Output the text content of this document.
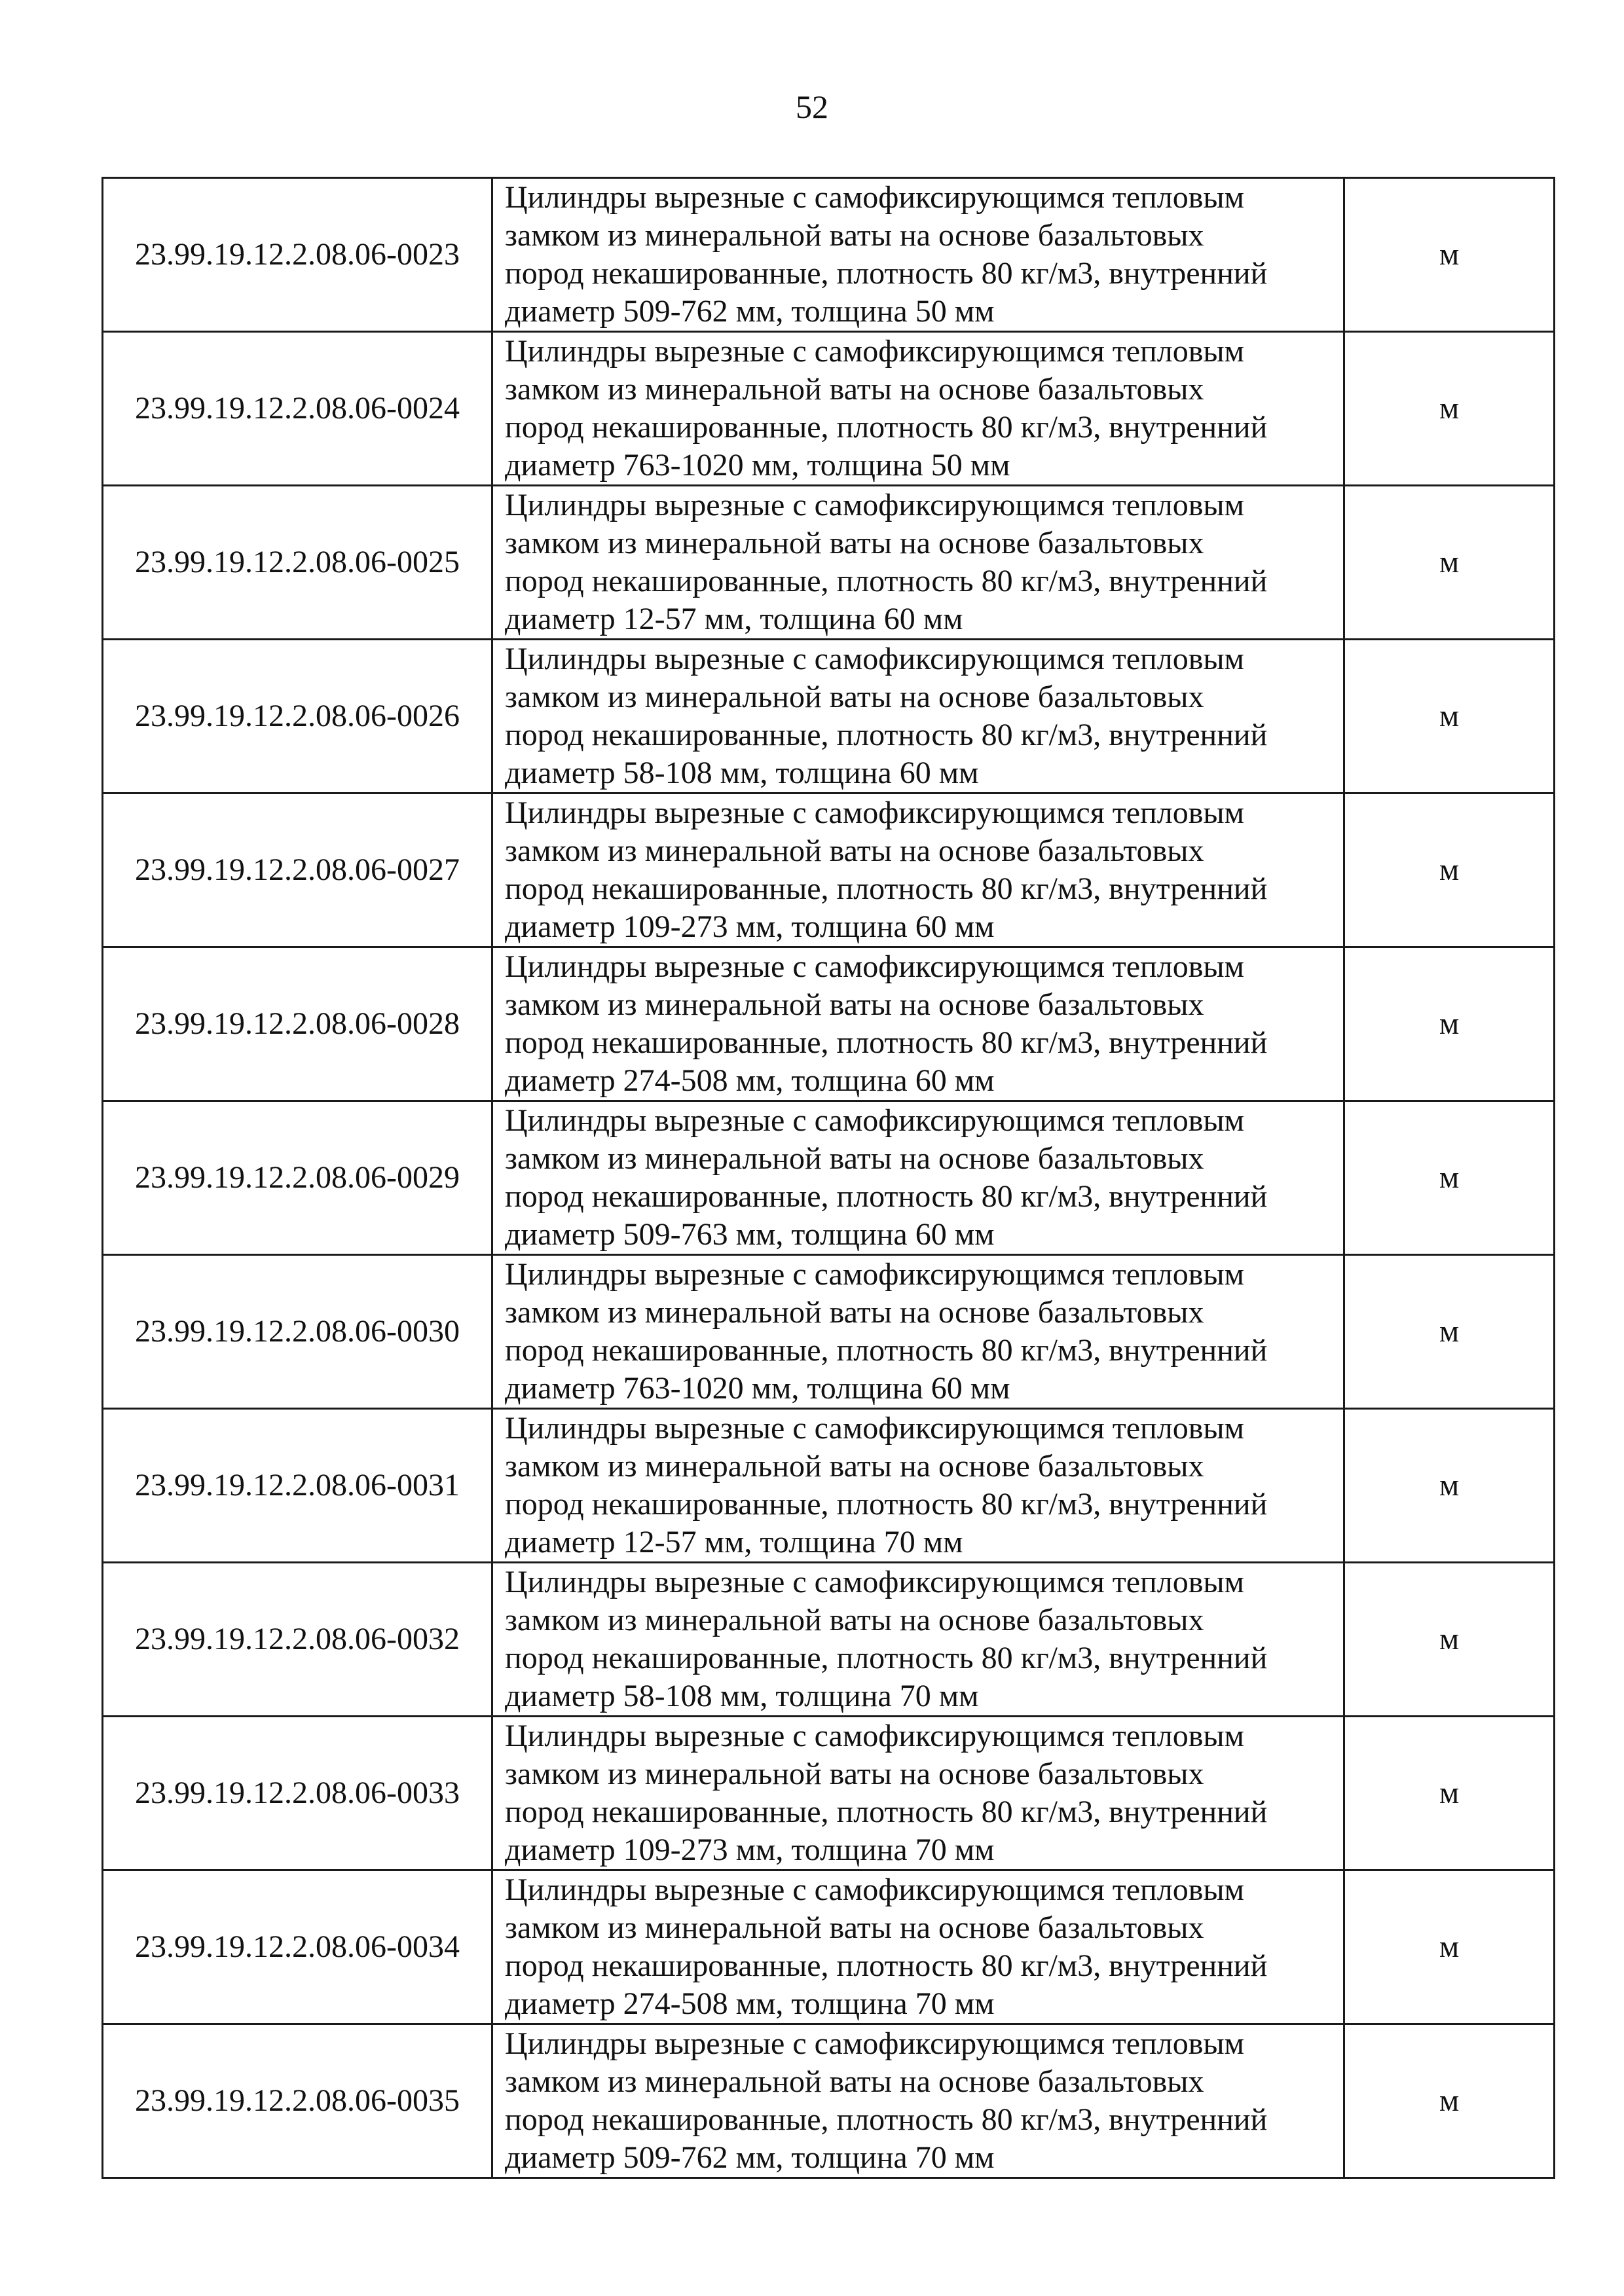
52
23.99.19.12.2.08.06-0023	Цилиндры вырезные с самофиксирующимся тепловым
замком из минеральной ваты на основе базальтовых
пород некашированные, плотность 80 кг/м3, внутренний
диаметр 509-762 мм, толщина 50 мм	м
23.99.19.12.2.08.06-0024	Цилиндры вырезные с самофиксирующимся тепловым
замком из минеральной ваты на основе базальтовых
пород некашированные, плотность 80 кг/м3, внутренний
диаметр 763-1020 мм, толщина 50 мм	м
23.99.19.12.2.08.06-0025	Цилиндры вырезные с самофиксирующимся тепловым
замком из минеральной ваты на основе базальтовых
пород некашированные, плотность 80 кг/м3, внутренний
диаметр 12-57 мм, толщина 60 мм	м
23.99.19.12.2.08.06-0026	Цилиндры вырезные с самофиксирующимся тепловым
замком из минеральной ваты на основе базальтовых
пород некашированные, плотность 80 кг/м3, внутренний
диаметр 58-108 мм, толщина 60 мм	м
23.99.19.12.2.08.06-0027	Цилиндры вырезные с самофиксирующимся тепловым
замком из минеральной ваты на основе базальтовых
пород некашированные, плотность 80 кг/м3, внутренний
диаметр 109-273 мм, толщина 60 мм	м
23.99.19.12.2.08.06-0028	Цилиндры вырезные с самофиксирующимся тепловым
замком из минеральной ваты на основе базальтовых
пород некашированные, плотность 80 кг/м3, внутренний
диаметр 274-508 мм, толщина 60 мм	м
23.99.19.12.2.08.06-0029	Цилиндры вырезные с самофиксирующимся тепловым
замком из минеральной ваты на основе базальтовых
пород некашированные, плотность 80 кг/м3, внутренний
диаметр 509-763 мм, толщина 60 мм	м
23.99.19.12.2.08.06-0030	Цилиндры вырезные с самофиксирующимся тепловым
замком из минеральной ваты на основе базальтовых
пород некашированные, плотность 80 кг/м3, внутренний
диаметр 763-1020 мм, толщина 60 мм	м
23.99.19.12.2.08.06-0031	Цилиндры вырезные с самофиксирующимся тепловым
замком из минеральной ваты на основе базальтовых
пород некашированные, плотность 80 кг/м3, внутренний
диаметр 12-57 мм, толщина 70 мм	м
23.99.19.12.2.08.06-0032	Цилиндры вырезные с самофиксирующимся тепловым
замком из минеральной ваты на основе базальтовых
пород некашированные, плотность 80 кг/м3, внутренний
диаметр 58-108 мм, толщина 70 мм	м
23.99.19.12.2.08.06-0033	Цилиндры вырезные с самофиксирующимся тепловым
замком из минеральной ваты на основе базальтовых
пород некашированные, плотность 80 кг/м3, внутренний
диаметр 109-273 мм, толщина 70 мм	м
23.99.19.12.2.08.06-0034	Цилиндры вырезные с самофиксирующимся тепловым
замком из минеральной ваты на основе базальтовых
пород некашированные, плотность 80 кг/м3, внутренний
диаметр 274-508 мм, толщина 70 мм	м
23.99.19.12.2.08.06-0035	Цилиндры вырезные с самофиксирующимся тепловым
замком из минеральной ваты на основе базальтовых
пород некашированные, плотность 80 кг/м3, внутренний
диаметр 509-762 мм, толщина 70 мм	м
